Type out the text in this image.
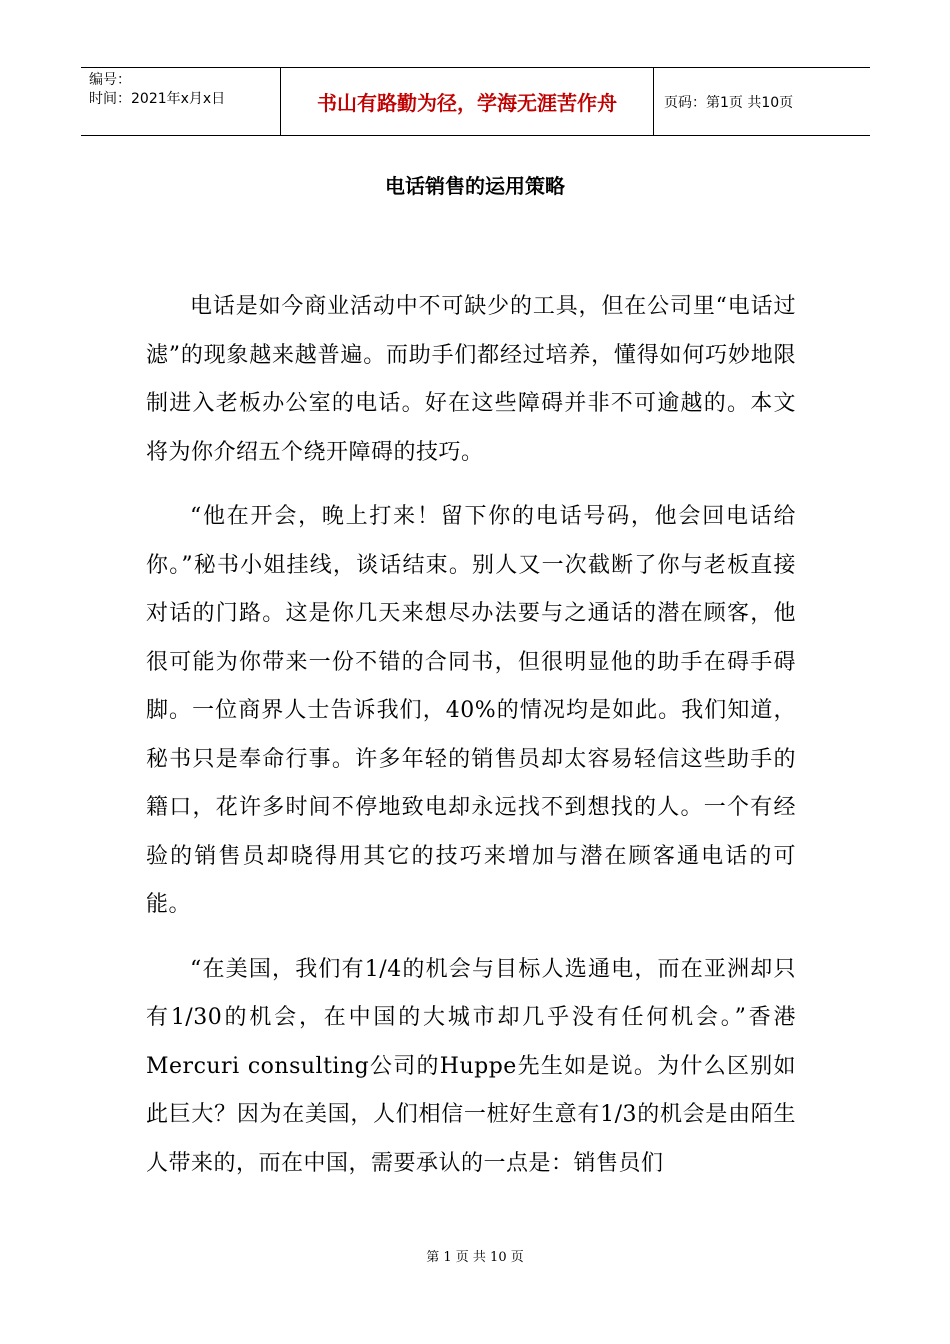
编号：
时间：2021年x月x日	书山有路勤为径，学海无涯苦作舟	页码：第1页 共10页
电话销售的运用策略

电话是如今商业活动中不可缺少的工具，但在公司里“电话过滤”的现象越来越普遍。而助手们都经过培养，懂得如何巧妙地限制进入老板办公室的电话。好在这些障碍并非不可逾越的。本文将为你介绍五个绕开障碍的技巧。

“他在开会，晚上打来！留下你的电话号码，他会回电话给你。”秘书小姐挂线，谈话结束。别人又一次截断了你与老板直接对话的门路。这是你几天来想尽办法要与之通话的潜在顾客，他很可能为你带来一份不错的合同书，但很明显他的助手在碍手碍脚。一位商界人士告诉我们，40%的情况均是如此。我们知道，秘书只是奉命行事。许多年轻的销售员却太容易轻信这些助手的籍口，花许多时间不停地致电却永远找不到想找的人。一个有经验的销售员却晓得用其它的技巧来增加与潜在顾客通电话的可能。

“在美国，我们有1/4的机会与目标人选通电，而在亚洲却只有1/30的机会，在中国的大城市却几乎没有任何机会。”香港Mercuri consulting公司的Huppe先生如是说。为什么区别如此巨大？因为在美国，人们相信一桩好生意有1/3的机会是由陌生人带来的，而在中国，需要承认的一点是：销售员们

第 1 页 共 10 页
